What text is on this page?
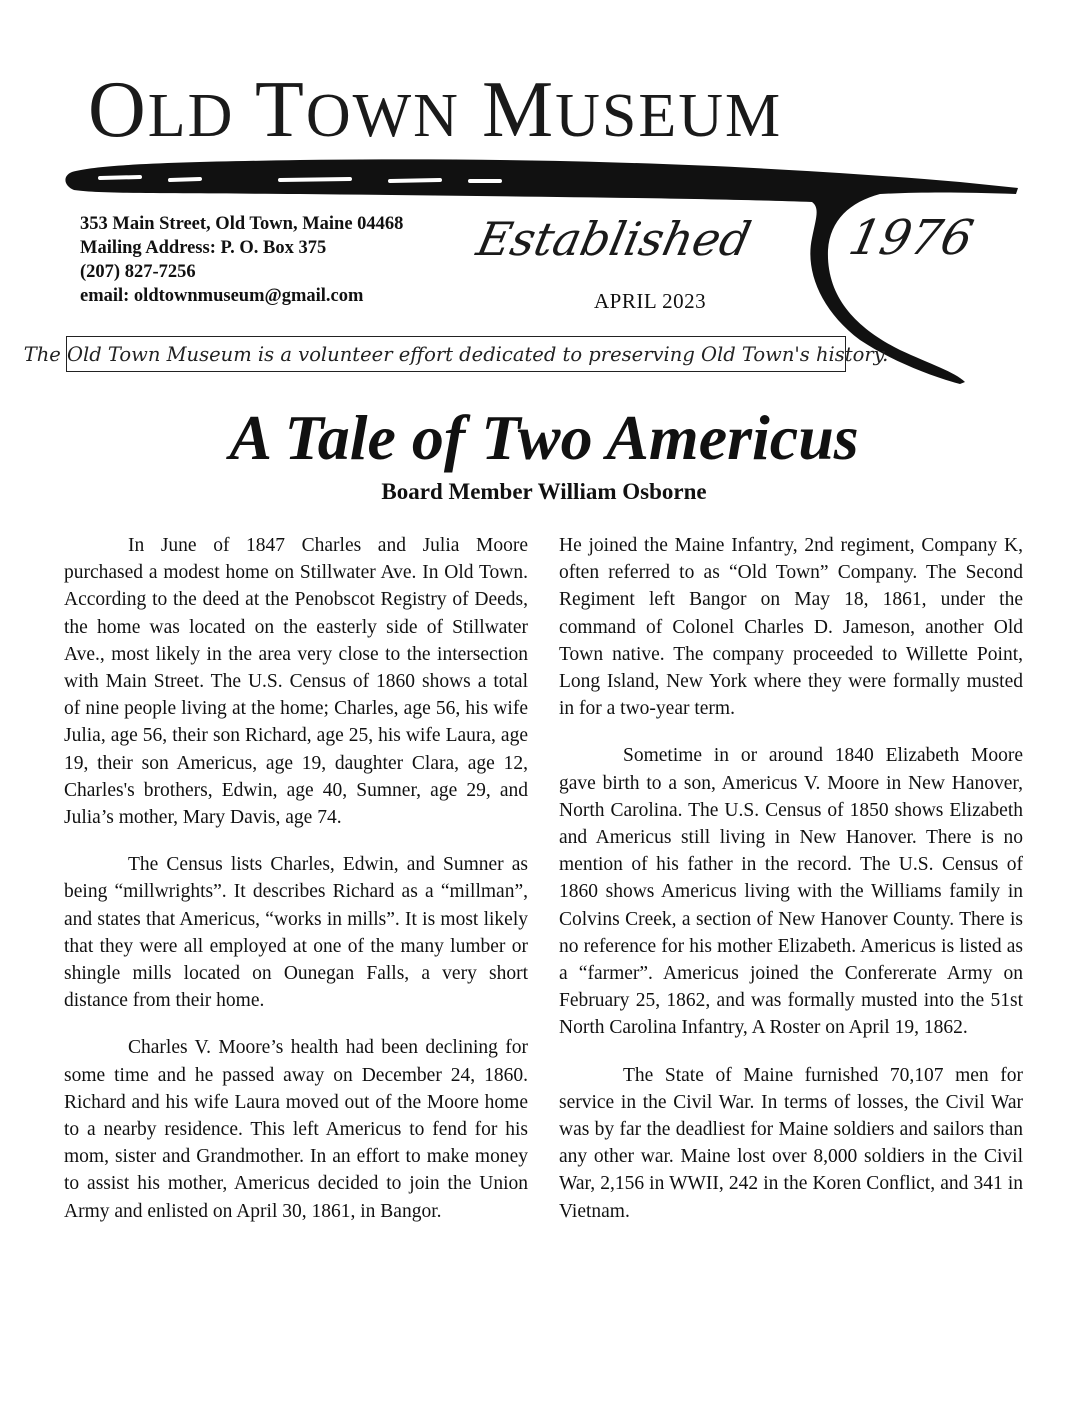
OLD TOWN MUSEUM
353 Main Street, Old Town, Maine 04468
Mailing Address: P. O. Box 375
(207) 827-7256
email: oldtownmuseum@gmail.com
Established 1976
APRIL 2023
The Old Town Museum is a volunteer effort dedicated to preserving Old Town's history.
A Tale of Two Americus
Board Member William Osborne

In June of 1847 Charles and Julia Moore purchased a modest home on Stillwater Ave. In Old Town. According to the deed at the Penobscot Registry of Deeds, the home was located on the easterly side of Stillwater Ave., most likely in the area very close to the intersection with Main Street. The U.S. Census of 1860 shows a total of nine people living at the home; Charles, age 56, his wife Julia, age 56, their son Richard, age 25, his wife Laura, age 19, their son Americus, age 19, daughter Clara, age 12, Charles's brothers, Edwin, age 40, Sumner, age 29, and Julia’s mother, Mary Davis, age 74.

The Census lists Charles, Edwin, and Sumner as being “millwrights”. It describes Richard as a “millman”, and states that Americus, “works in mills”. It is most likely that they were all employed at one of the many lumber or shingle mills located on Ounegan Falls, a very short distance from their home.

Charles V. Moore’s health had been declining for some time and he passed away on December 24, 1860. Richard and his wife Laura moved out of the Moore home to a nearby residence. This left Americus to fend for his mom, sister and Grandmother. In an effort to make money to assist his mother, Americus decided to join the Union Army and enlisted on April 30, 1861, in Bangor.

He joined the Maine Infantry, 2nd regiment, Company K, often referred to as “Old Town” Company. The Second Regiment left Bangor on May 18, 1861, under the command of Colonel Charles D. Jameson, another Old Town native. The company proceeded to Willette Point, Long Island, New York where they were formally musted in for a two-year term.

Sometime in or around 1840 Elizabeth Moore gave birth to a son, Americus V. Moore in New Hanover, North Carolina. The U.S. Census of 1850 shows Elizabeth and Americus still living in New Hanover. There is no mention of his father in the record. The U.S. Census of 1860 shows Americus living with the Williams family in Colvins Creek, a section of New Hanover County. There is no reference for his mother Elizabeth. Americus is listed as a “farmer”. Americus joined the Confererate Army on February 25, 1862, and was formally musted into the 51st North Carolina Infantry, A Roster on April 19, 1862.

The State of Maine furnished 70,107 men for service in the Civil War. In terms of losses, the Civil War was by far the deadliest for Maine soldiers and sailors than any other war. Maine lost over 8,000 soldiers in the Civil War, 2,156 in WWII, 242 in the Koren Conflict, and 341 in Vietnam.
